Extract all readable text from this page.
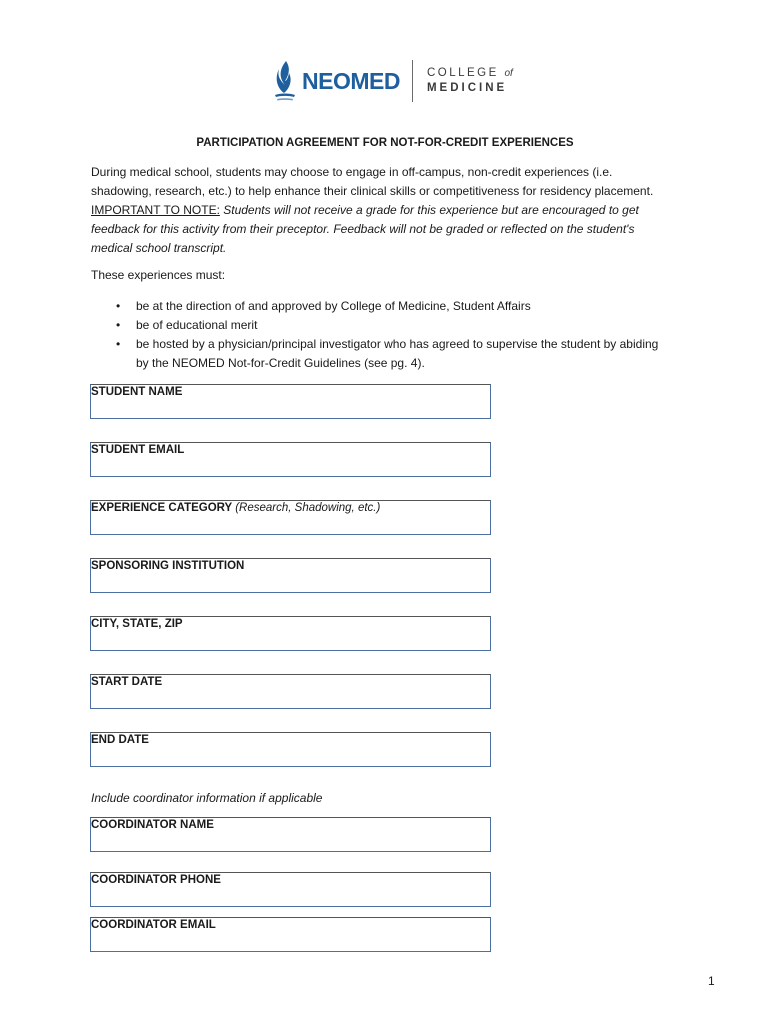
NEOMED COLLEGE of
MEDICINE
PARTICIPATION AGREEMENT FOR NOT-FOR-CREDIT EXPERIENCES

During medical school, students may choose to engage in off-campus, non-credit experiences (i.e. shadowing, research, etc.) to help enhance their clinical skills or competitiveness for residency placement. IMPORTANT TO NOTE: Students will not receive a grade for this experience but are encouraged to get feedback for this activity from their preceptor. Feedback will not be graded or reflected on the student's medical school transcript.

These experiences must:
• be at the direction of and approved by College of Medicine, Student Affairs
• be of educational merit
• be hosted by a physician/principal investigator who has agreed to supervise the student by abiding by the NEOMED Not-for-Credit Guidelines (see pg. 4).
STUDENT NAME
STUDENT EMAIL
EXPERIENCE CATEGORY (Research, Shadowing, etc.)
SPONSORING INSTITUTION
CITY, STATE, ZIP
START DATE
END DATE
Include coordinator information if applicable
COORDINATOR NAME
COORDINATOR PHONE
COORDINATOR EMAIL
1
